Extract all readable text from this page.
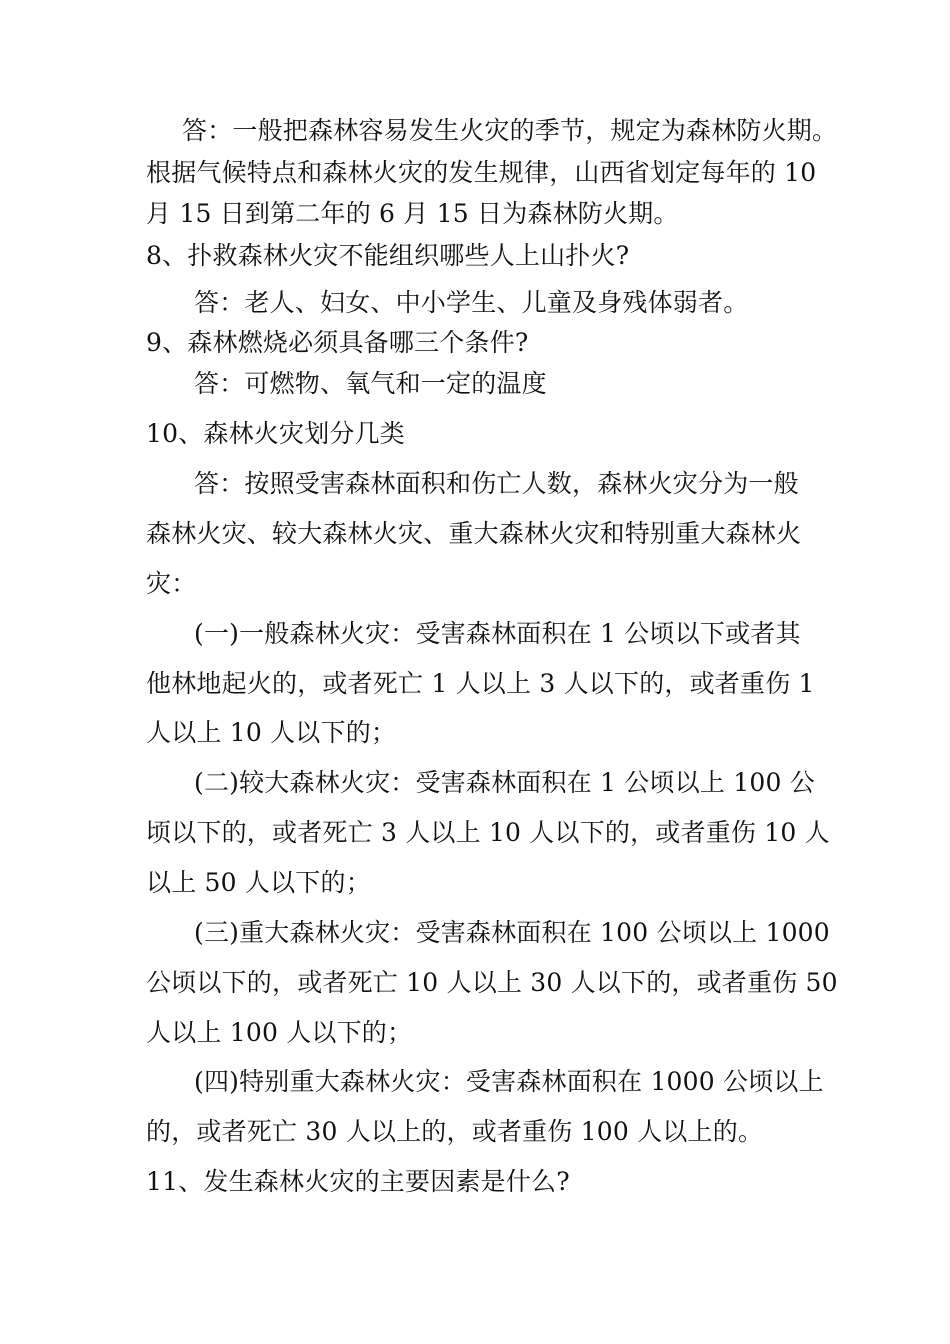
答：一般把森林容易发生火灾的季节，规定为森林防火期。
根据气候特点和森林火灾的发生规律，山西省划定每年的 10
月 15 日到第二年的 6 月 15 日为森林防火期。
8、扑救森林火灾不能组织哪些人上山扑火?
答：老人、妇女、中小学生、儿童及身残体弱者。
9、森林燃烧必须具备哪三个条件?
答：可燃物、氧气和一定的温度
10、森林火灾划分几类
答：按照受害森林面积和伤亡人数，森林火灾分为一般
森林火灾、较大森林火灾、重大森林火灾和特别重大森林火
灾：
(一)一般森林火灾：受害森林面积在 1 公顷以下或者其
他林地起火的，或者死亡 1 人以上 3 人以下的，或者重伤 1
人以上 10 人以下的；
(二)较大森林火灾：受害森林面积在 1 公顷以上 100 公
顷以下的，或者死亡 3 人以上 10 人以下的，或者重伤 10 人
以上 50 人以下的；
(三)重大森林火灾：受害森林面积在 100 公顷以上 1000
公顷以下的，或者死亡 10 人以上 30 人以下的，或者重伤 50
人以上 100 人以下的；
(四)特别重大森林火灾：受害森林面积在 1000 公顷以上
的，或者死亡 30 人以上的，或者重伤 100 人以上的。
11、发生森林火灾的主要因素是什么?
